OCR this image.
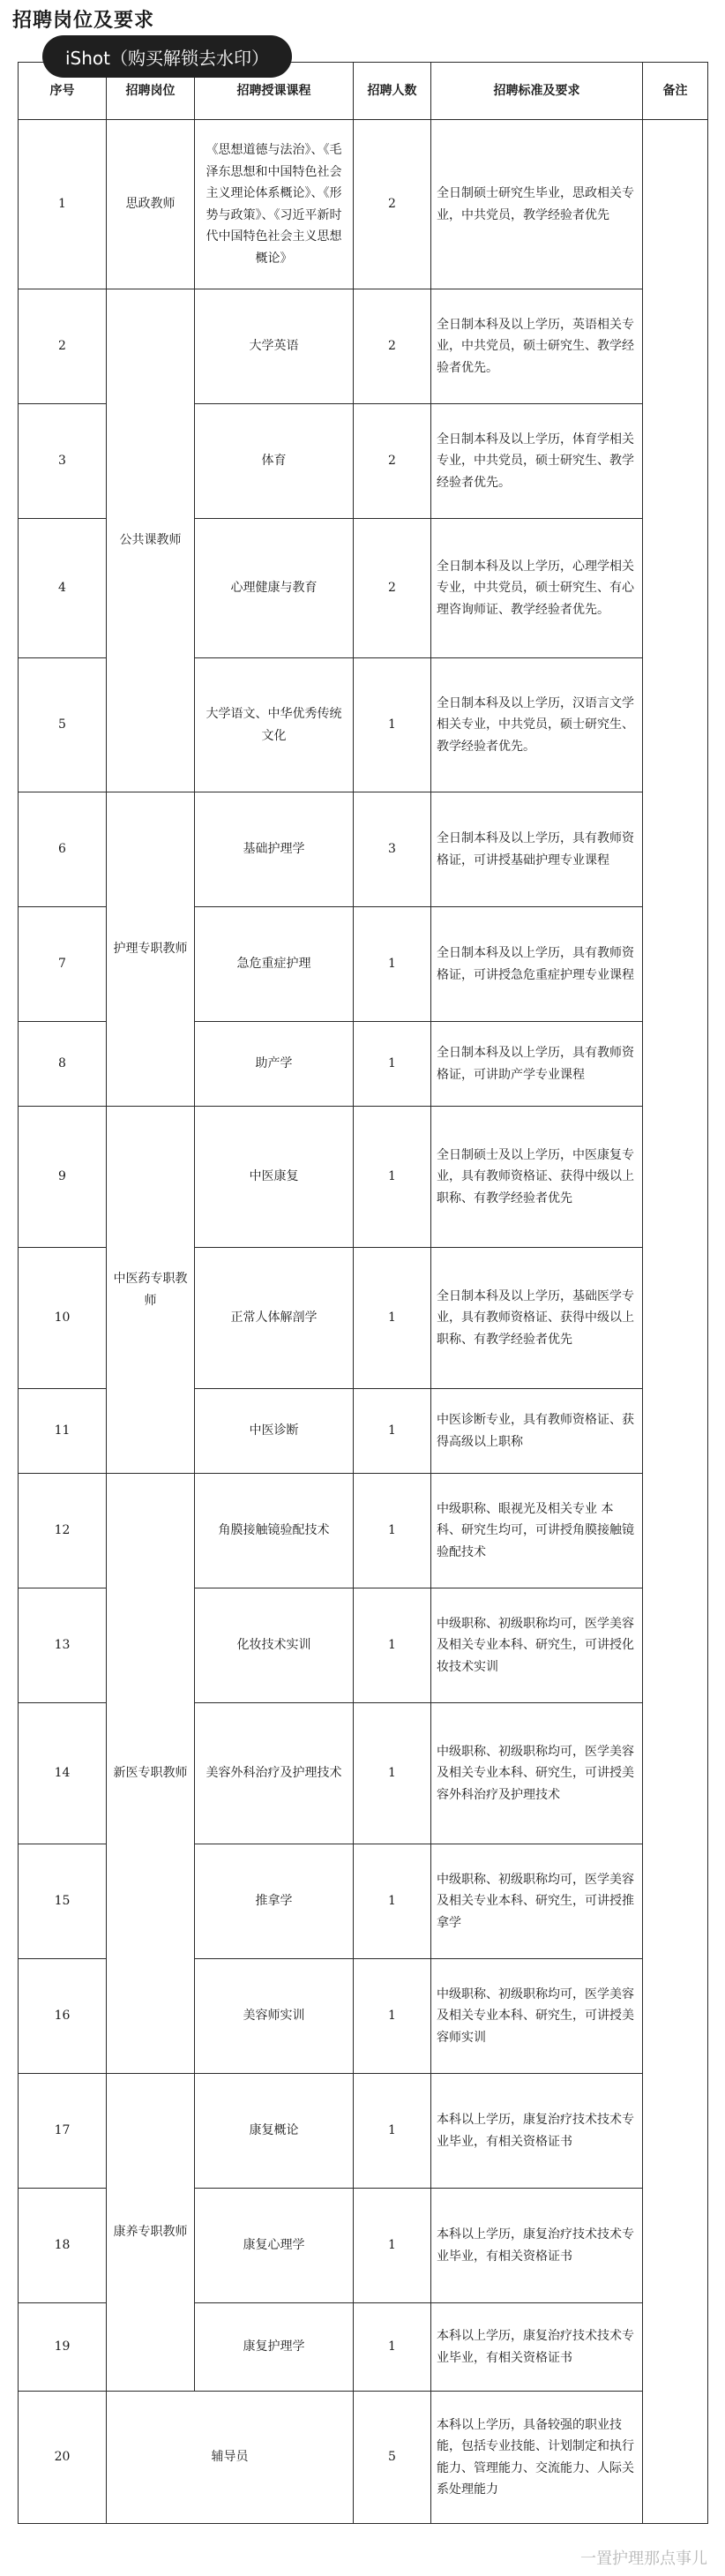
招聘岗位及要求
iShot（购买解锁去水印）
序号	招聘岗位	招聘授课课程	招聘人数	招聘标准及要求	备注
1	思政教师	《思想道德与法治》、《毛泽东思想和中国特色社会主义理论体系概论》、《形势与政策》、《习近平新时代中国特色社会主义思想概论》	2	全日制硕士研究生毕业，思政相关专业，中共党员，教学经验者优先	
2	公共课教师	大学英语	2	全日制本科及以上学历，英语相关专业，中共党员，硕士研究生、教学经验者优先。	
3		体育	2	全日制本科及以上学历，体育学相关专业，中共党员，硕士研究生、教学经验者优先。	
4		心理健康与教育	2	全日制本科及以上学历，心理学相关专业，中共党员，硕士研究生、有心理咨询师证、教学经验者优先。	
5		大学语文、中华优秀传统文化	1	全日制本科及以上学历，汉语言文学相关专业，中共党员，硕士研究生、教学经验者优先。	
6	护理专职教师	基础护理学	3	全日制本科及以上学历，具有教师资格证，可讲授基础护理专业课程	
7		急危重症护理	1	全日制本科及以上学历，具有教师资格证，可讲授急危重症护理专业课程	
8		助产学	1	全日制本科及以上学历，具有教师资格证，可讲助产学专业课程	
9	中医药专职教师	中医康复	1	全日制硕士及以上学历，中医康复专业，具有教师资格证、获得中级以上职称、有教学经验者优先	
10		正常人体解剖学	1	全日制本科及以上学历，基础医学专业，具有教师资格证、获得中级以上职称、有教学经验者优先	
11		中医诊断	1	中医诊断专业，具有教师资格证、获得高级以上职称	
12	新医专职教师	角膜接触镜验配技术	1	中级职称、眼视光及相关专业 本科、研究生均可，可讲授角膜接触镜验配技术	
13		化妆技术实训	1	中级职称、初级职称均可，医学美容及相关专业本科、研究生，可讲授化妆技术实训	
14		美容外科治疗及护理技术	1	中级职称、初级职称均可，医学美容及相关专业本科、研究生，可讲授美容外科治疗及护理技术	
15		推拿学	1	中级职称、初级职称均可，医学美容及相关专业本科、研究生，可讲授推拿学	
16		美容师实训	1	中级职称、初级职称均可，医学美容及相关专业本科、研究生，可讲授美容师实训	
17	康养专职教师	康复概论	1	本科以上学历，康复治疗技术技术专业毕业，有相关资格证书	
18		康复心理学	1	本科以上学历，康复治疗技术技术专业毕业，有相关资格证书	
19		康复护理学	1	本科以上学历，康复治疗技术技术专业毕业，有相关资格证书	
20	辅导员		5	本科以上学历，具备较强的职业技能，包括专业技能、计划制定和执行能力、管理能力、交流能力、人际关系处理能力	
一置护理那点事儿
